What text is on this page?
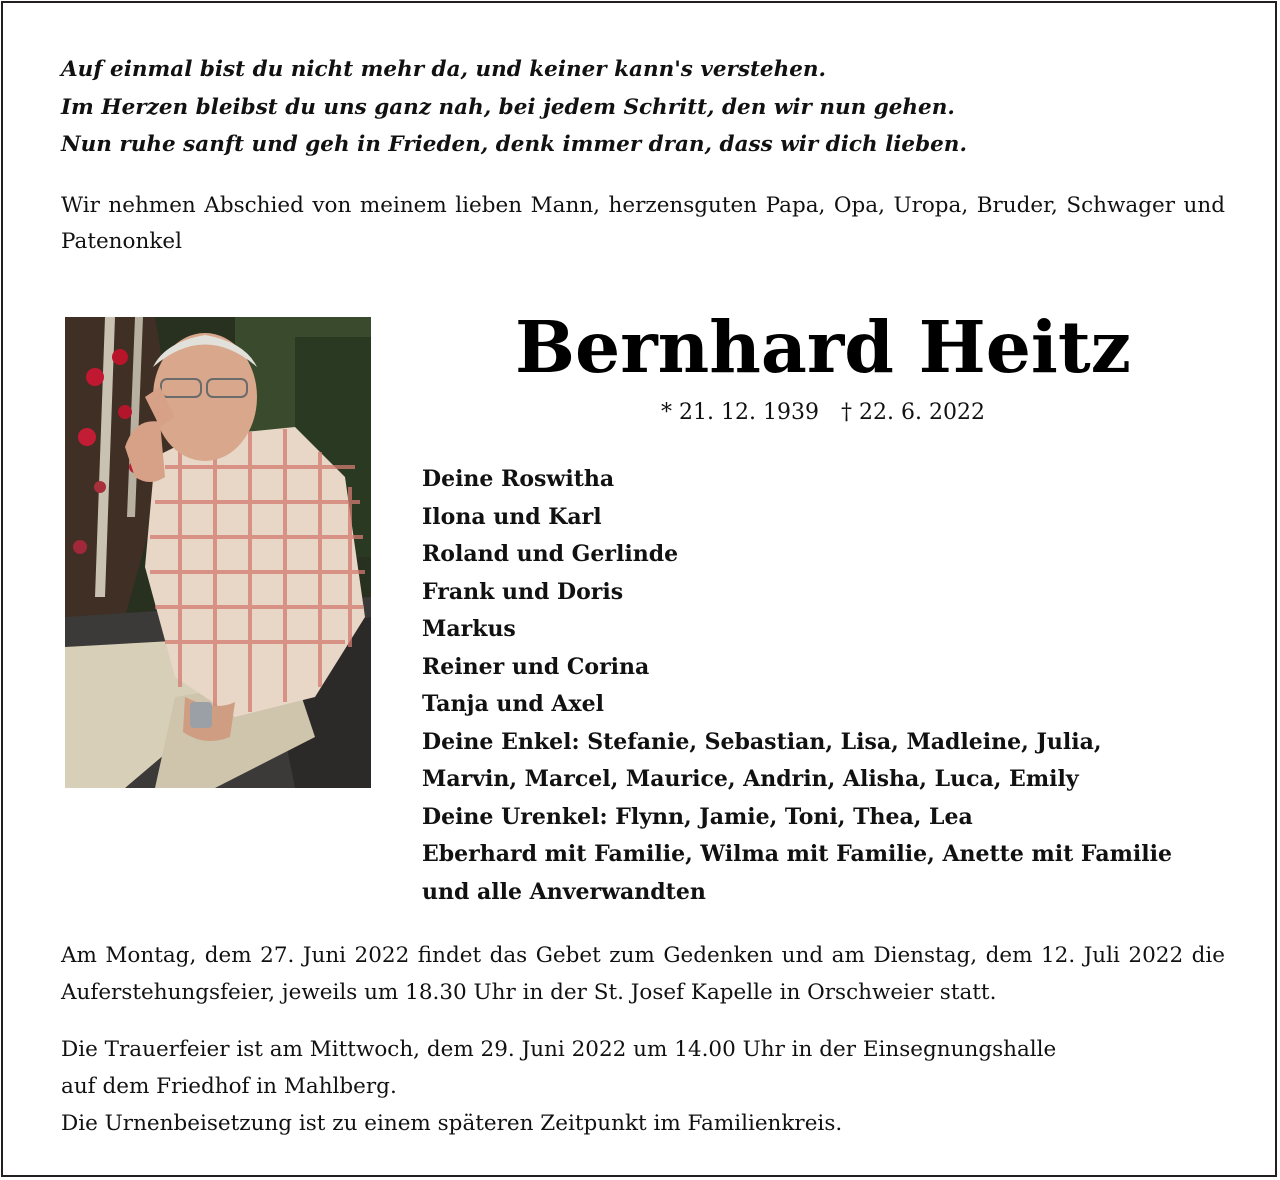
Auf einmal bist du nicht mehr da, und keiner kann's verstehen.
Im Herzen bleibst du uns ganz nah, bei jedem Schritt, den wir nun gehen.
Nun ruhe sanft und geh in Frieden, denk immer dran, dass wir dich lieben.
Wir nehmen Abschied von meinem lieben Mann, herzensguten Papa, Opa, Uropa, Bruder, Schwager und Patenonkel
Bernhard Heitz
* 21. 12. 1939 † 22. 6. 2022
Deine Roswitha
Ilona und Karl
Roland und Gerlinde
Frank und Doris
Markus
Reiner und Corina
Tanja und Axel
Deine Enkel: Stefanie, Sebastian, Lisa, Madleine, Julia,
Marvin, Marcel, Maurice, Andrin, Alisha, Luca, Emily
Deine Urenkel: Flynn, Jamie, Toni, Thea, Lea
Eberhard mit Familie, Wilma mit Familie, Anette mit Familie
und alle Anverwandten
Am Montag, dem 27. Juni 2022 findet das Gebet zum Gedenken und am Dienstag, dem 12. Juli 2022 die Auferstehungsfeier, jeweils um 18.30 Uhr in der St. Josef Kapelle in Orschweier statt.
Die Trauerfeier ist am Mittwoch, dem 29. Juni 2022 um 14.00 Uhr in der Einsegnungshalle
auf dem Friedhof in Mahlberg.
Die Urnenbeisetzung ist zu einem späteren Zeitpunkt im Familienkreis.
